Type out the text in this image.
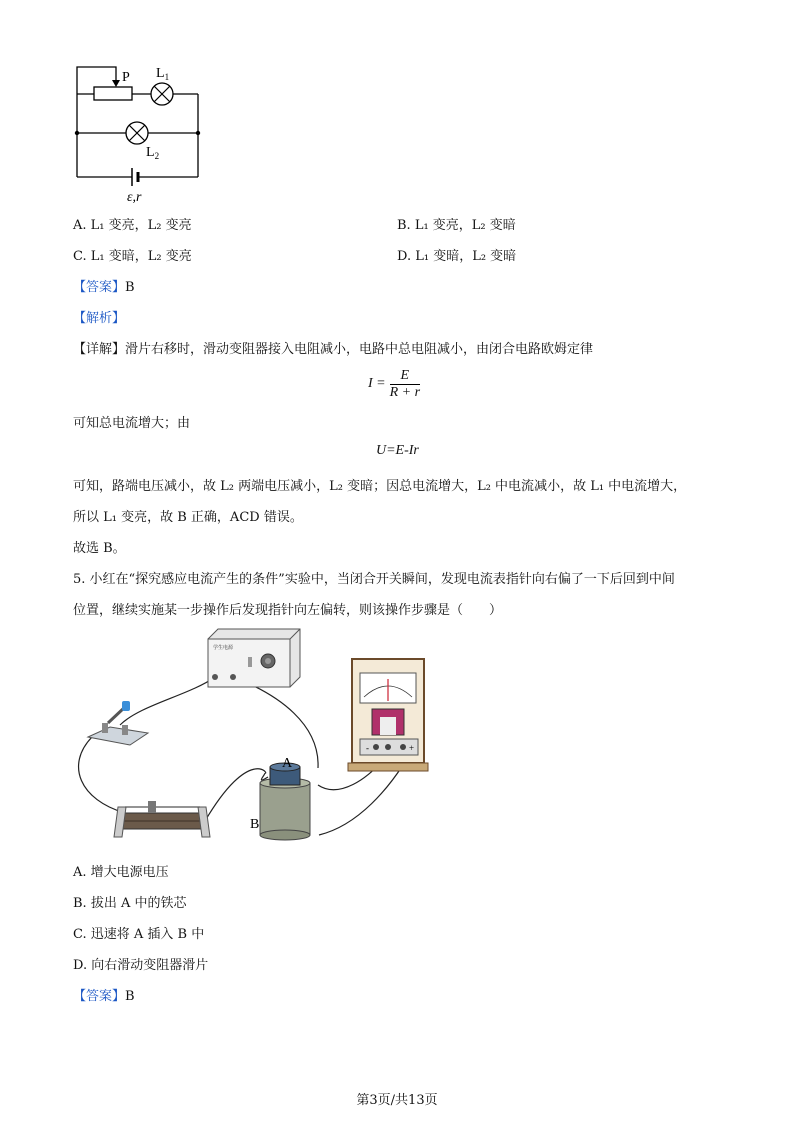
P $L_1$
$L_2$
ε,r
A. L₁ 变亮，L₂ 变亮	B. L₁ 变亮，L₂ 变暗
C. L₁ 变暗，L₂ 变亮	D. L₁ 变暗，L₂ 变暗
【答案】B
【解析】
【详解】滑片右移时，滑动变阻器接入电阻减小，电路中总电阻减小，由闭合电路欧姆定律
I =
E
R + r
可知总电流增大；由
U=E-Ir
可知，路端电压减小，故 L₂ 两端电压减小，L₂ 变暗；因总电流增大，L₂ 中电流减小，故 L₁ 中电流增大，
所以 L₁ 变亮，故 B 正确，ACD 错误。
故选 B。
5. 小红在“探究感应电流产生的条件”实验中，当闭合开关瞬间，发现电流表指针向右偏了一下后回到中间
位置，继续实施某一步操作后发现指针向左偏转，则该操作步骤是（　　）
学生电源
A
B
-	+
A. 增大电源电压
B. 拔出 A 中的铁芯
C. 迅速将 A 插入 B 中
D. 向右滑动变阻器滑片
【答案】B
第3页/共13页
